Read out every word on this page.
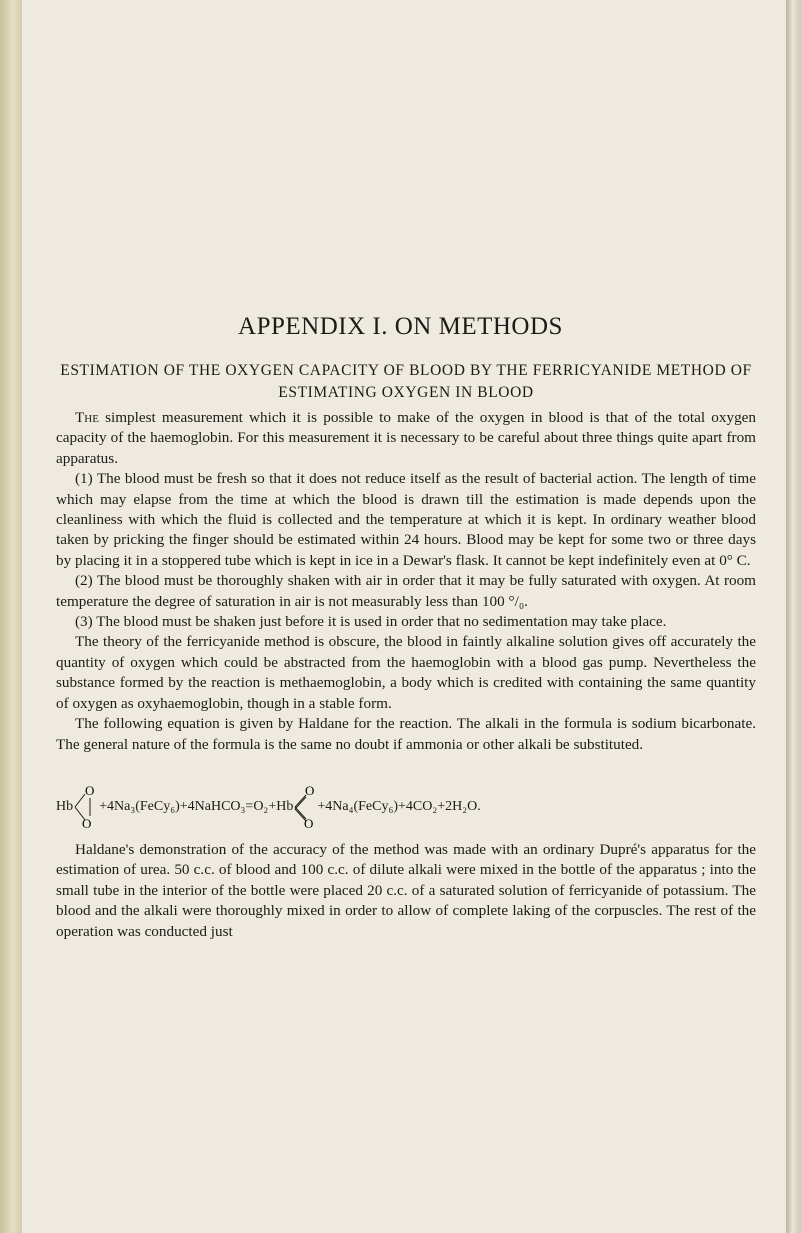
APPENDIX I. ON METHODS
ESTIMATION OF THE OXYGEN CAPACITY OF BLOOD BY THE FERRICYANIDE METHOD OF ESTIMATING OXYGEN IN BLOOD

The simplest measurement which it is possible to make of the oxygen in blood is that of the total oxygen capacity of the haemoglobin. For this measurement it is necessary to be careful about three things quite apart from apparatus.

(1) The blood must be fresh so that it does not reduce itself as the result of bacterial action. The length of time which may elapse from the time at which the blood is drawn till the estimation is made depends upon the cleanliness with which the fluid is collected and the temperature at which it is kept. In ordinary weather blood taken by pricking the finger should be estimated within 24 hours. Blood may be kept for some two or three days by placing it in a stoppered tube which is kept in ice in a Dewar's flask. It cannot be kept indefinitely even at 0° C.

(2) The blood must be thoroughly shaken with air in order that it may be fully saturated with oxygen. At room temperature the degree of saturation in air is not measurably less than 100 °/₀.

(3) The blood must be shaken just before it is used in order that no sedimentation may take place.

The theory of the ferricyanide method is obscure, the blood in faintly alkaline solution gives off accurately the quantity of oxygen which could be abstracted from the haemoglobin with a blood gas pump. Nevertheless the substance formed by the reaction is methaemoglobin, a body which is credited with containing the same quantity of oxygen as oxyhaemoglobin, though in a stable form.

The following equation is given by Haldane for the reaction. The alkali in the formula is sodium bicarbonate. The general nature of the formula is the same no doubt if ammonia or other alkali be substituted.

Hb
O
O
+4Na₃(FeCy₆)+4NaHCO₃=O₂+ Hb
O
O
+4Na₄(FeCy₆)+4CO₂+2H₂O.

Haldane's demonstration of the accuracy of the method was made with an ordinary Dupré's apparatus for the estimation of urea. 50 c.c. of blood and 100 c.c. of dilute alkali were mixed in the bottle of the apparatus ; into the small tube in the interior of the bottle were placed 20 c.c. of a saturated solution of ferricyanide of potassium. The blood and the alkali were thoroughly mixed in order to allow of complete laking of the corpuscles. The rest of the operation was conducted just
